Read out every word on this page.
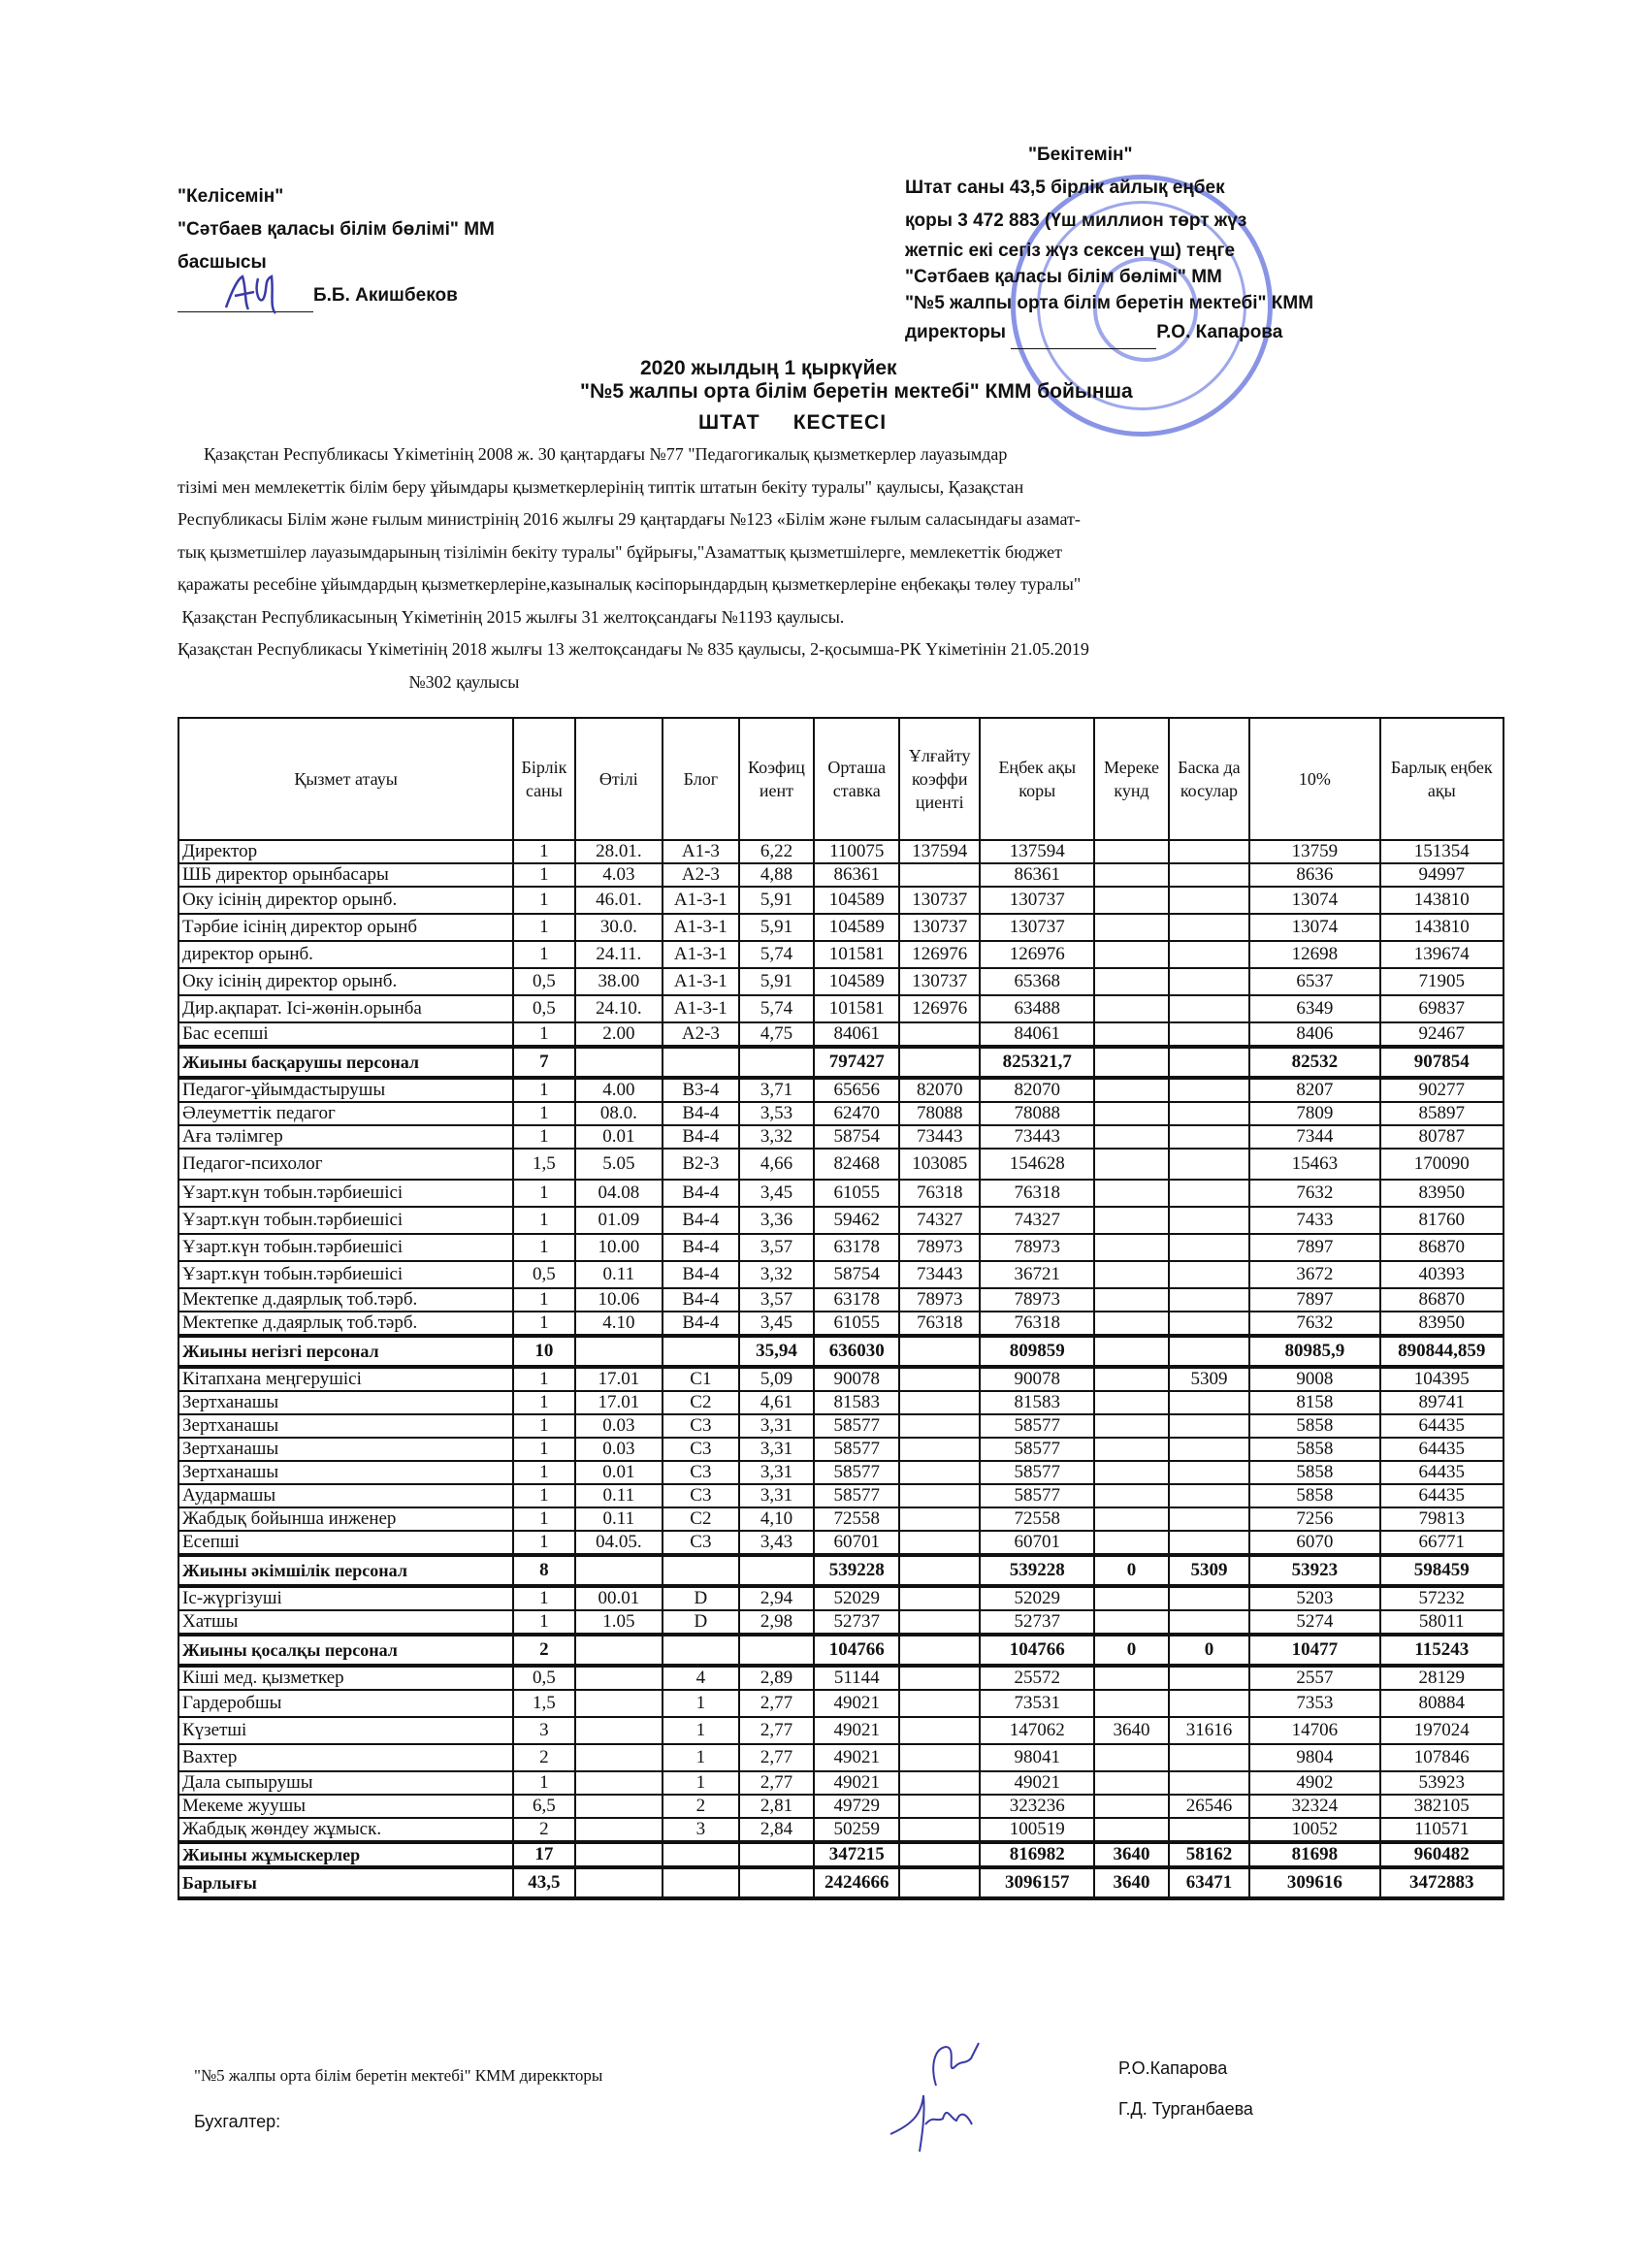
"Келісемін"
"Сәтбаев қаласы білім бөлімі" ММ
басшысы
Б.Б. Акишбеков
"Бекітемін"
Штат саны 43,5 бірлік айлық еңбек
қоры 3 472 883 (Үш миллион төрт жүз
жетпіс екі сегіз жүз сексен үш) теңге
"Сәтбаев қаласы білім бөлімі" ММ
"№5 жалпы орта білім беретін мектебі" КММ
директоры	Р.О. Капарова
2020 жылдың 1 қыркүйек
"№5 жалпы орта білім беретін мектебі" КММ бойынша
ШТАТ     КЕСТЕСІ

Қазақстан Республикасы Үкіметінің 2008 ж. 30 қаңтардағы №77 "Педагогикалық қызметкерлер лауазымдар

тізімі мен мемлекеттік білім беру ұйымдары қызметкерлерінің типтік штатын бекіту туралы" қаулысы, Қазақстан

Республикасы Білім және ғылым министрінің 2016 жылғы 29 қаңтардағы №123 «Білім және ғылым саласындағы азамат-

тық қызметшілер лауазымдарының тізілімін бекіту туралы" бұйрығы,"Азаматтық қызметшілерге, мемлекеттік бюджет

қаражаты ресебіне ұйымдардың қызметкерлеріне,казыналық кәсіпорындардың қызметкерлеріне еңбекақы төлеу туралы"

Қазақстан Республикасының Үкіметінің 2015 жылғы 31 желтоқсандағы №1193 қаулысы.

Қазақстан Республикасы Үкіметінің 2018 жылғы 13 желтоқсандағы № 835 қаулысы, 2-қосымша-РК Үкіметінін 21.05.2019

№302 қаулысы

Қызмет атауы	Бірлік саны	Өтілі	Блог	Коэфиц иент	Орташа ставка	Ұлғайту коэффи циенті	Еңбек ақы коры	Мереке кунд	Баска да косулар	10%	Барлық еңбек ақы
Директор	1	28.01.	А1-3	6,22	110075	137594	137594			13759	151354
ШБ директор орынбасары	1	4.03	А2-3	4,88	86361		86361			8636	94997
Оку ісінің директор орынб.	1	46.01.	А1-3-1	5,91	104589	130737	130737			13074	143810
Тәрбие ісінің директор орынб	1	30.0.	А1-3-1	5,91	104589	130737	130737			13074	143810
директор орынб.	1	24.11.	А1-3-1	5,74	101581	126976	126976			12698	139674
Оку ісінің директор орынб.	0,5	38.00	А1-3-1	5,91	104589	130737	65368			6537	71905
Дир.ақпарат. Ісі-жөнін.орынба	0,5	24.10.	А1-3-1	5,74	101581	126976	63488			6349	69837
Бас есепші	1	2.00	А2-3	4,75	84061		84061			8406	92467
Жиыны басқарушы персонал	7				797427		825321,7			82532	907854
Педагог-ұйымдастырушы	1	4.00	В3-4	3,71	65656	82070	82070			8207	90277
Әлеуметтік педагог	1	08.0.	В4-4	3,53	62470	78088	78088			7809	85897
Аға тәлімгер	1	0.01	В4-4	3,32	58754	73443	73443			7344	80787
Педагог-психолог	1,5	5.05	В2-3	4,66	82468	103085	154628			15463	170090
Ұзарт.күн тобын.тәрбиешісі	1	04.08	В4-4	3,45	61055	76318	76318			7632	83950
Ұзарт.күн тобын.тәрбиешісі	1	01.09	В4-4	3,36	59462	74327	74327			7433	81760
Ұзарт.күн тобын.тәрбиешісі	1	10.00	В4-4	3,57	63178	78973	78973			7897	86870
Ұзарт.күн тобын.тәрбиешісі	0,5	0.11	В4-4	3,32	58754	73443	36721			3672	40393
Мектепке д.даярлық тоб.тәрб.	1	10.06	В4-4	3,57	63178	78973	78973			7897	86870
Мектепке д.даярлық тоб.тәрб.	1	4.10	В4-4	3,45	61055	76318	76318			7632	83950
Жиыны негізгі персонал	10			35,94	636030		809859			80985,9	890844,859
Кітапхана меңгерушісі	1	17.01	С1	5,09	90078		90078		5309	9008	104395
Зертханашы	1	17.01	С2	4,61	81583		81583			8158	89741
Зертханашы	1	0.03	С3	3,31	58577		58577			5858	64435
Зертханашы	1	0.03	С3	3,31	58577		58577			5858	64435
Зертханашы	1	0.01	С3	3,31	58577		58577			5858	64435
Аудармашы	1	0.11	С3	3,31	58577		58577			5858	64435
Жабдық бойынша инженер	1	0.11	С2	4,10	72558		72558			7256	79813
Есепші	1	04.05.	С3	3,43	60701		60701			6070	66771
Жиыны әкімшілік персонал	8				539228		539228	0	5309	53923	598459
Іс-жүргізуші	1	00.01	D	2,94	52029		52029			5203	57232
Хатшы	1	1.05	D	2,98	52737		52737			5274	58011
Жиыны қосалқы персонал	2				104766		104766	0	0	10477	115243
Кіші мед. қызметкер	0,5		4	2,89	51144		25572			2557	28129
Гардеробшы	1,5		1	2,77	49021		73531			7353	80884
Күзетші	3		1	2,77	49021		147062	3640	31616	14706	197024
Вахтер	2		1	2,77	49021		98041			9804	107846
Дала сыпырушы	1		1	2,77	49021		49021			4902	53923
Мекеме жуушы	6,5		2	2,81	49729		323236		26546	32324	382105
Жабдық жөндеу жұмыск.	2		3	2,84	50259		100519			10052	110571
Жиыны жұмыскерлер	17				347215		816982	3640	58162	81698	960482
Барлығы	43,5				2424666		3096157	3640	63471	309616	3472883
"№5 жалпы орта білім беретін мектебі" КММ диреккторы
Бухгалтер:
Р.О.Капарова
Г.Д. Турганбаева
